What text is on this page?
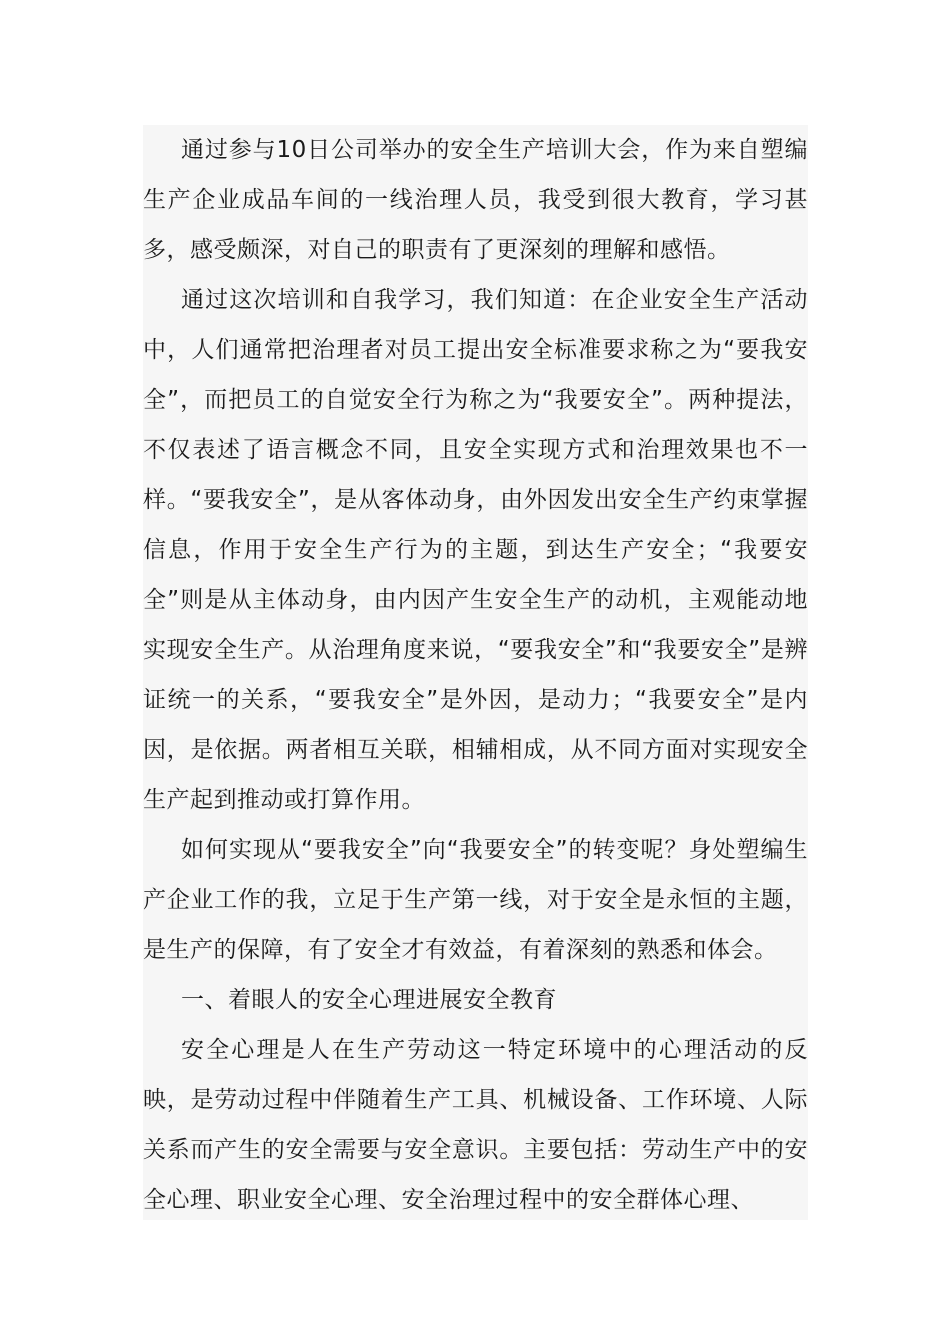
通过参与10日公司举办的安全生产培训大会，作为来自塑编生产企业成品车间的一线治理人员，我受到很大教育，学习甚多，感受颇深，对自己的职责有了更深刻的理解和感悟。

通过这次培训和自我学习，我们知道：在企业安全生产活动中，人们通常把治理者对员工提出安全标准要求称之为“要我安全”，而把员工的自觉安全行为称之为“我要安全”。两种提法，不仅表述了语言概念不同，且安全实现方式和治理效果也不一样。“要我安全”，是从客体动身，由外因发出安全生产约束掌握信息，作用于安全生产行为的主题，到达生产安全；“我要安全”则是从主体动身，由内因产生安全生产的动机，主观能动地实现安全生产。从治理角度来说，“要我安全”和“我要安全”是辨证统一的关系，“要我安全”是外因，是动力；“我要安全”是内因，是依据。两者相互关联，相辅相成，从不同方面对实现安全生产起到推动或打算作用。

如何实现从“要我安全”向“我要安全”的转变呢？身处塑编生产企业工作的我，立足于生产第一线，对于安全是永恒的主题，是生产的保障，有了安全才有效益，有着深刻的熟悉和体会。

一、着眼人的安全心理进展安全教育

安全心理是人在生产劳动这一特定环境中的心理活动的反映，是劳动过程中伴随着生产工具、机械设备、工作环境、人际关系而产生的安全需要与安全意识。主要包括：劳动生产中的安全心理、职业安全心理、安全治理过程中的安全群体心理、
